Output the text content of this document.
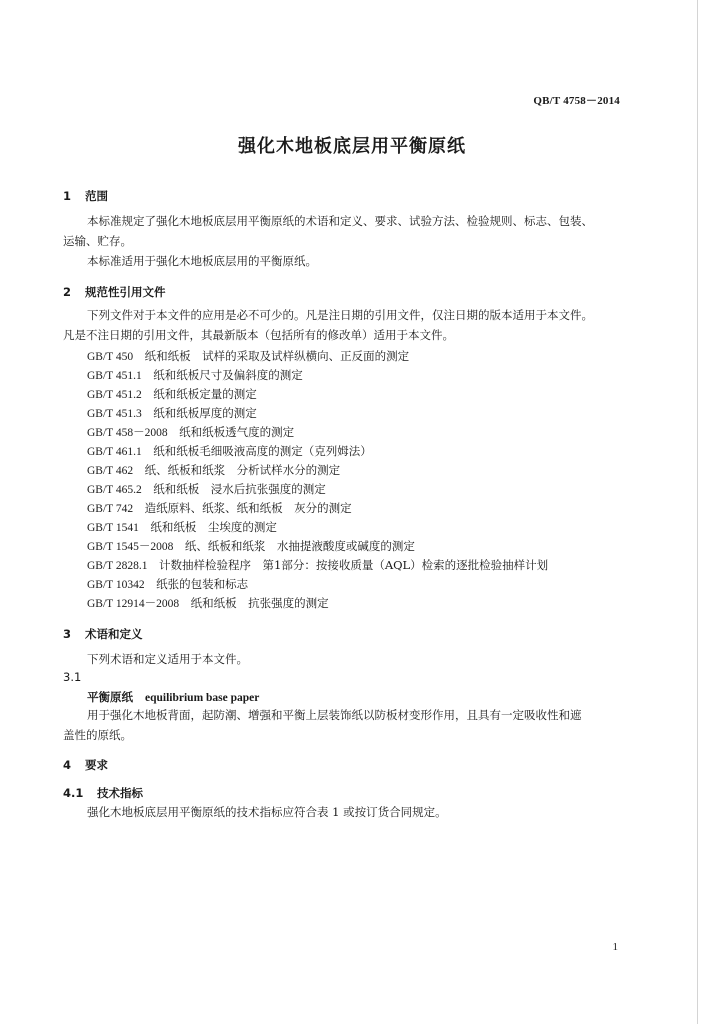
QB/T 4758－2014
强化木地板底层用平衡原纸
1 范围
本标准规定了强化木地板底层用平衡原纸的术语和定义、要求、试验方法、检验规则、标志、包装、
运输、贮存。
本标准适用于强化木地板底层用的平衡原纸。
2 规范性引用文件
下列文件对于本文件的应用是必不可少的。凡是注日期的引用文件，仅注日期的版本适用于本文件。
凡是不注日期的引用文件，其最新版本（包括所有的修改单）适用于本文件。
GB/T 450　 纸和纸板　试样的采取及试样纵横向、正反面的测定
GB/T 451.1　 纸和纸板尺寸及偏斜度的测定
GB/T 451.2　 纸和纸板定量的测定
GB/T 451.3　 纸和纸板厚度的测定
GB/T 458－2008　 纸和纸板透气度的测定
GB/T 461.1　 纸和纸板毛细吸液高度的测定（克列姆法）
GB/T 462　 纸、纸板和纸浆　分析试样水分的测定
GB/T 465.2　 纸和纸板　浸水后抗张强度的测定
GB/T 742　 造纸原料、纸浆、纸和纸板　灰分的测定
GB/T 1541　 纸和纸板　尘埃度的测定
GB/T 1545－2008　 纸、纸板和纸浆　水抽提液酸度或碱度的测定
GB/T 2828.1　 计数抽样检验程序　第1部分：按接收质量（AQL）检索的逐批检验抽样计划
GB/T 10342　 纸张的包装和标志
GB/T 12914－2008　 纸和纸板　抗张强度的测定
3 术语和定义
下列术语和定义适用于本文件。
3.1
平衡原纸 equilibrium base paper
用于强化木地板背面，起防潮、增强和平衡上层装饰纸以防板材变形作用，且具有一定吸收性和遮
盖性的原纸。
4 要求
4.1 技术指标
强化木地板底层用平衡原纸的技术指标应符合表 1 或按订货合同规定。
1
